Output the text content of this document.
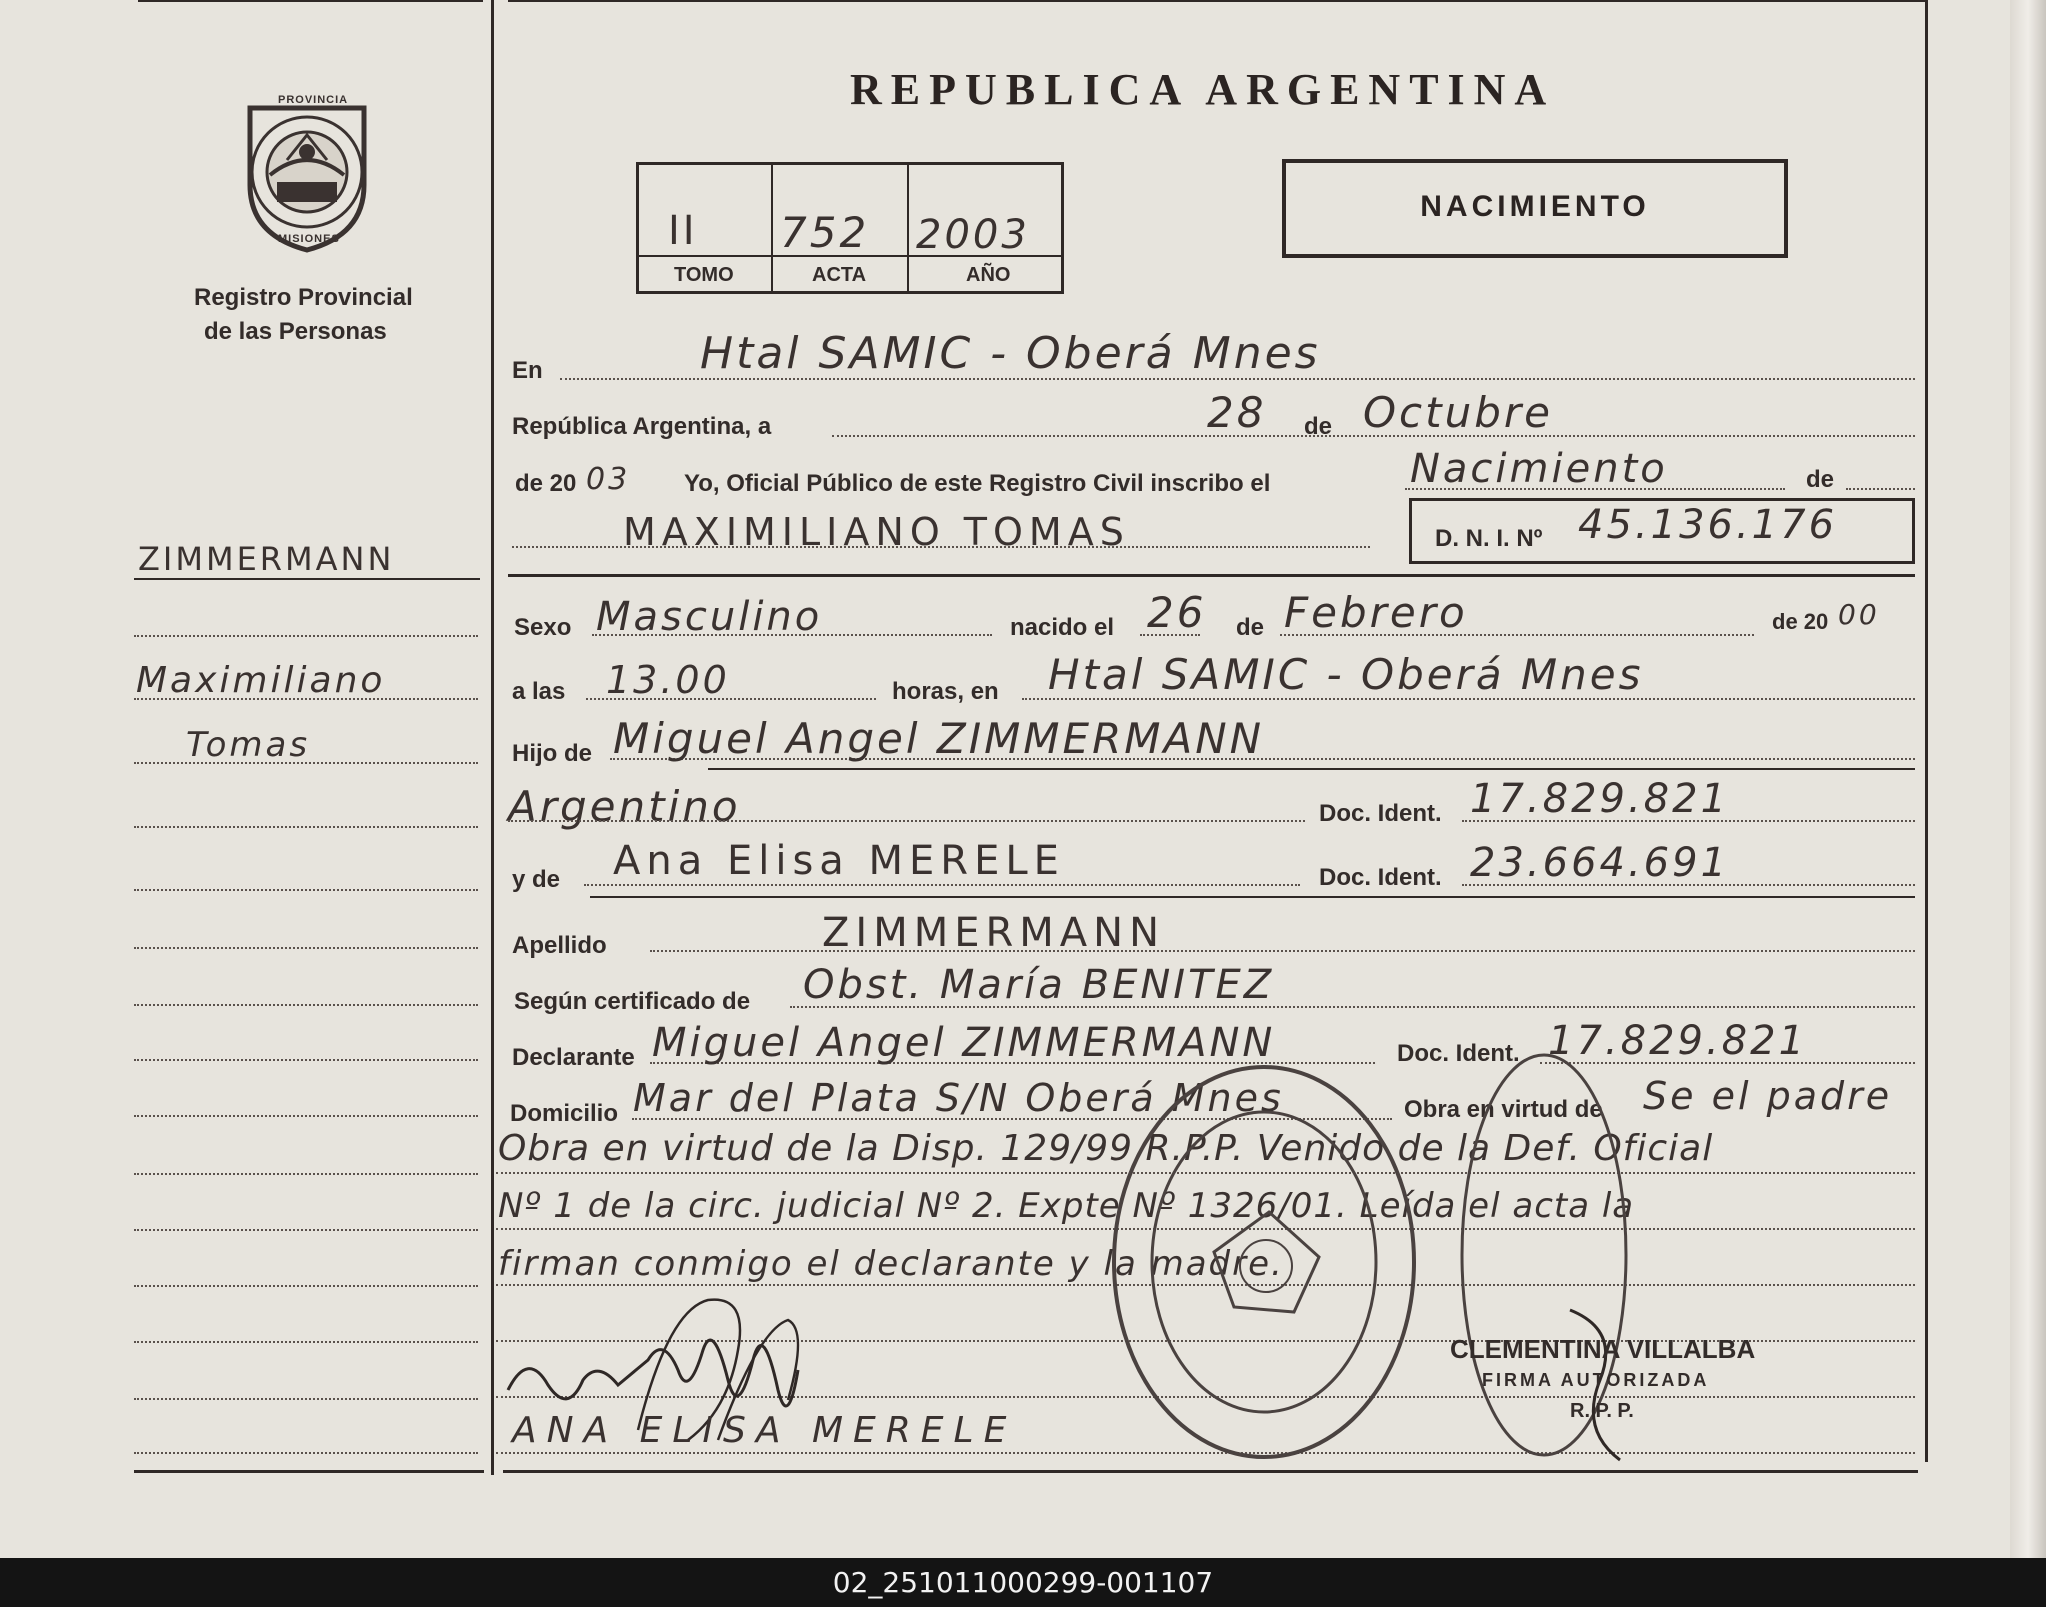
PROVINCIA
MISIONES
Registro Provincial
de las Personas
ZIMMERMANN
Maximiliano
Tomas
REPUBLICA ARGENTINA
II 752 2003
TOMO	ACTA	AÑO
NACIMIENTO
En	Htal SAMIC - Oberá Mnes
República Argentina, a	28 de Octubre
de 20 03 Yo, Oficial Público de este Registro Civil inscribo el	Nacimiento	de
MAXIMILIANO TOMAS	D. N. I. Nº 45.136.176
Sexo Masculino	nacido el 26 de Febrero	de 20 00
a las 13.00	horas, en Htal SAMIC - Oberá Mnes
Hijo de Miguel Angel ZIMMERMANN
Argentino	Doc. Ident. 17.829.821
y de Ana Elisa MERELE	Doc. Ident. 23.664.691
Apellido	ZIMMERMANN
Según certificado de Obst. María BENITEZ
Declarante Miguel Angel ZIMMERMANN	Doc. Ident. 17.829.821
Domicilio Mar del Plata S/N Oberá Mnes	Obra en virtud de Se el padre
Obra en virtud de la Disp. 129/99 R.P.P. Venido de la Def. Oficial
Nº 1 de la circ. judicial Nº 2. Expte Nº 1326/01. Leída el acta la
firman conmigo el declarante y la madre.
ANA ELISA MERELE
CLEMENTINA VILLALBA
FIRMA AUTORIZADA
R. P. P.
02_251011000299-001107
